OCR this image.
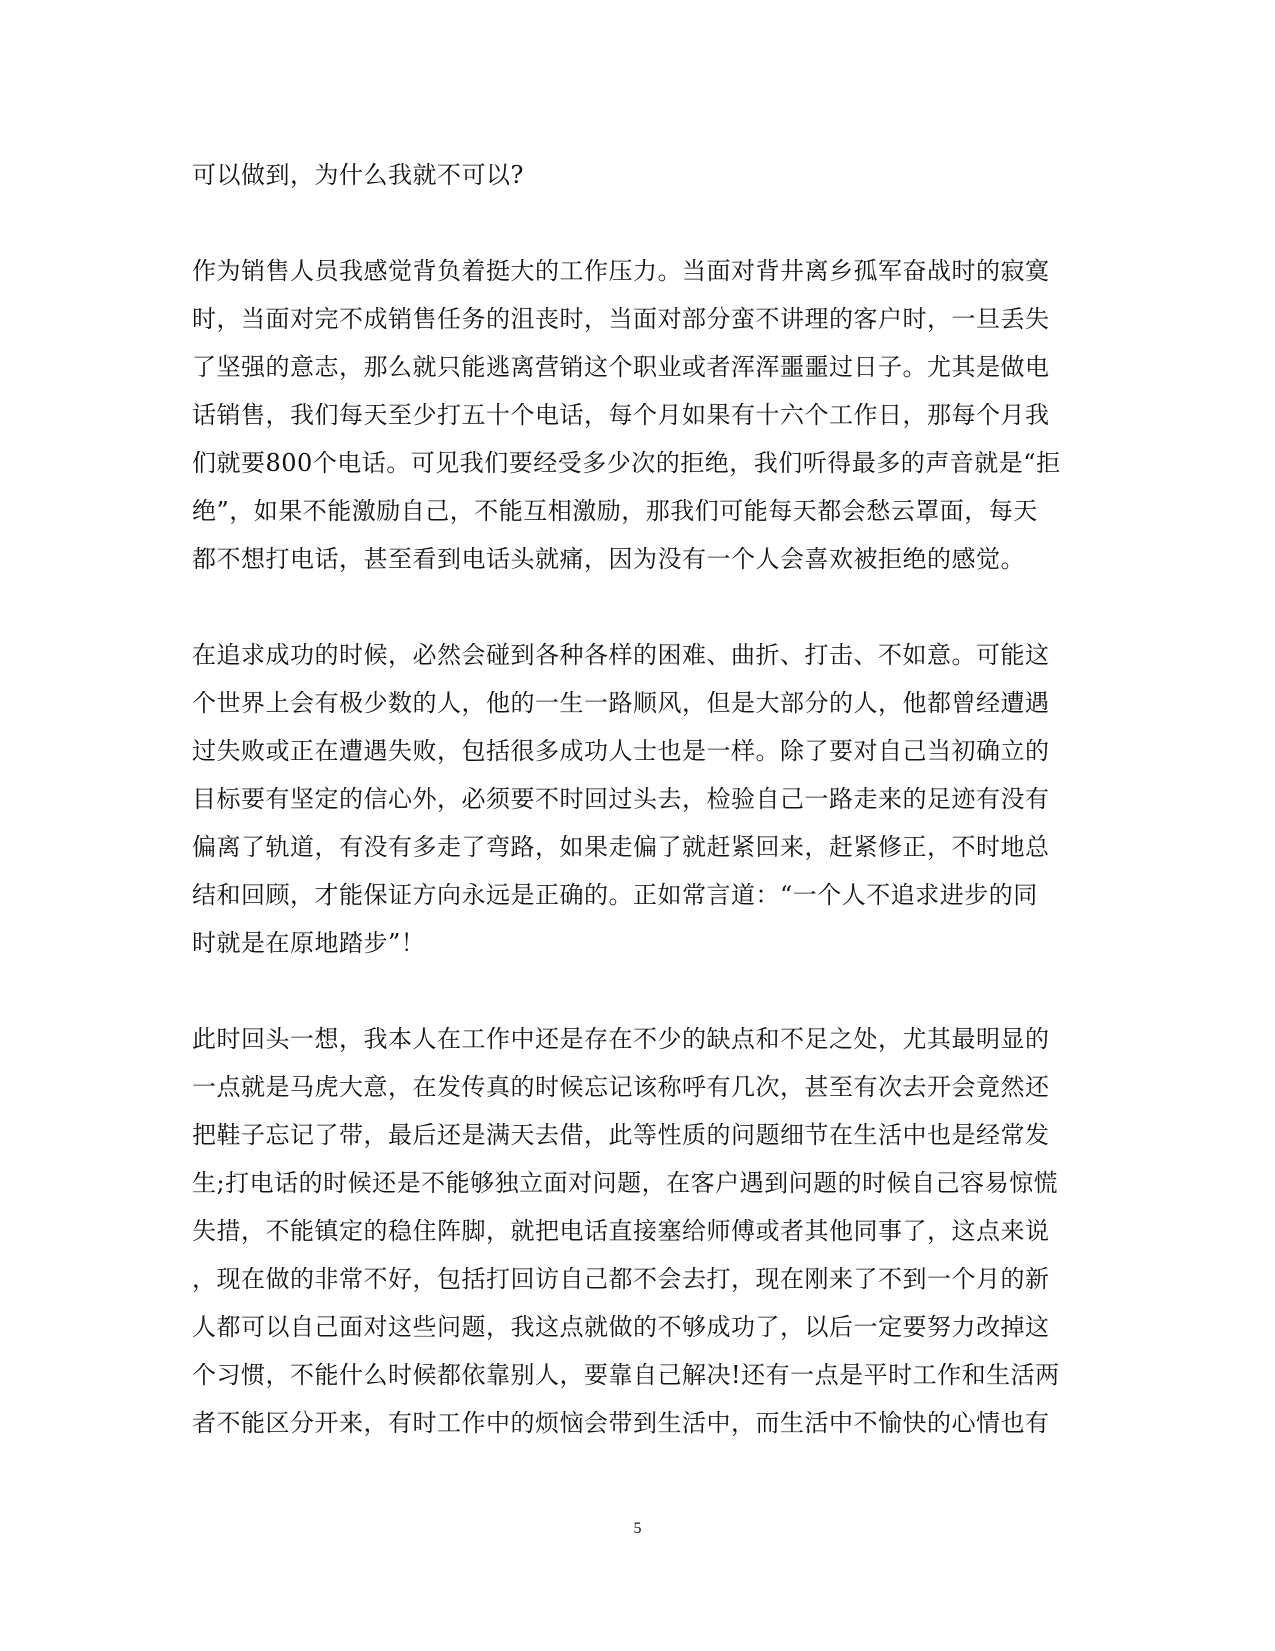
可以做到，为什么我就不可以?
作为销售人员我感觉背负着挺大的工作压力。当面对背井离乡孤军奋战时的寂寞
时，当面对完不成销售任务的沮丧时，当面对部分蛮不讲理的客户时，一旦丢失
了坚强的意志，那么就只能逃离营销这个职业或者浑浑噩噩过日子。尤其是做电
话销售，我们每天至少打五十个电话，每个月如果有十六个工作日，那每个月我
们就要800个电话。可见我们要经受多少次的拒绝，我们听得最多的声音就是“拒
绝”，如果不能激励自己，不能互相激励，那我们可能每天都会愁云罩面，每天
都不想打电话，甚至看到电话头就痛，因为没有一个人会喜欢被拒绝的感觉。
在追求成功的时候，必然会碰到各种各样的困难、曲折、打击、不如意。可能这
个世界上会有极少数的人，他的一生一路顺风，但是大部分的人，他都曾经遭遇
过失败或正在遭遇失败，包括很多成功人士也是一样。除了要对自己当初确立的
目标要有坚定的信心外，必须要不时回过头去，检验自己一路走来的足迹有没有
偏离了轨道，有没有多走了弯路，如果走偏了就赶紧回来，赶紧修正，不时地总
结和回顾，才能保证方向永远是正确的。正如常言道：“一个人不追求进步的同
时就是在原地踏步”！
此时回头一想，我本人在工作中还是存在不少的缺点和不足之处，尤其最明显的
一点就是马虎大意，在发传真的时候忘记该称呼有几次，甚至有次去开会竟然还
把鞋子忘记了带，最后还是满天去借，此等性质的问题细节在生活中也是经常发
生;打电话的时候还是不能够独立面对问题，在客户遇到问题的时候自己容易惊慌
失措，不能镇定的稳住阵脚，就把电话直接塞给师傅或者其他同事了，这点来说
，现在做的非常不好，包括打回访自己都不会去打，现在刚来了不到一个月的新
人都可以自己面对这些问题，我这点就做的不够成功了，以后一定要努力改掉这
个习惯，不能什么时候都依靠别人，要靠自己解决!还有一点是平时工作和生活两
者不能区分开来，有时工作中的烦恼会带到生活中，而生活中不愉快的心情也有
5
